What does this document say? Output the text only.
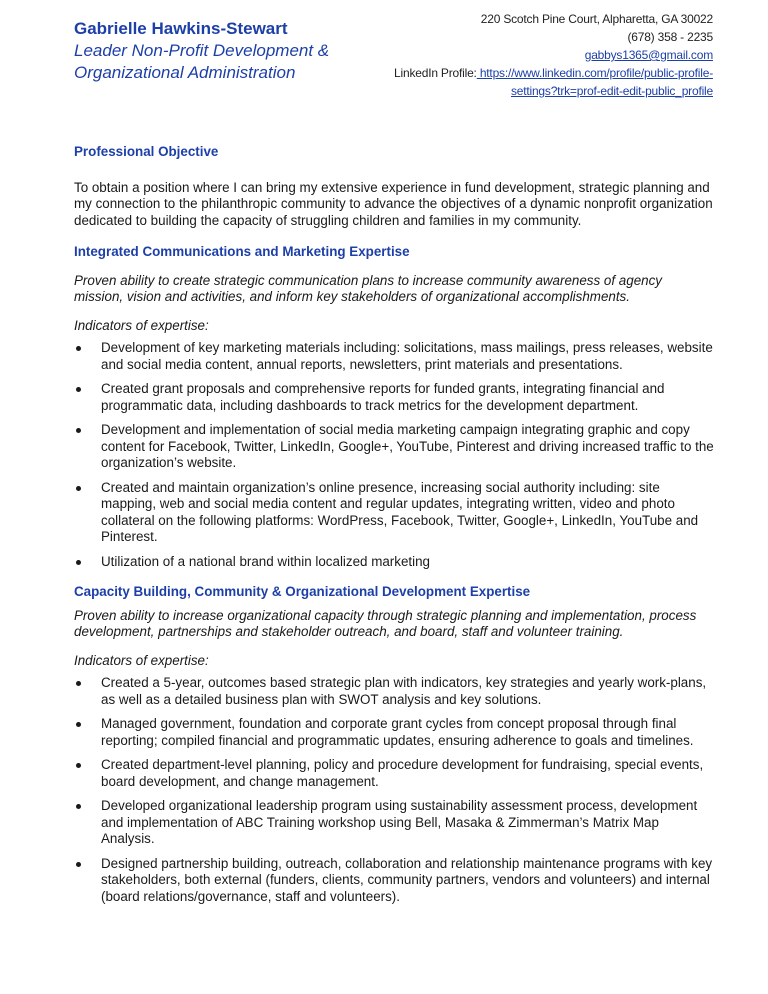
Gabrielle Hawkins-Stewart
Leader Non-Profit Development &
Organizational Administration
220 Scotch Pine Court, Alpharetta, GA 30022
(678) 358 - 2235
gabbys1365@gmail.com
LinkedIn Profile: https://www.linkedin.com/profile/public-profile-
settings?trk=prof-edit-edit-public_profile

Professional Objective

To obtain a position where I can bring my extensive experience in fund development, strategic planning and my connection to the philanthropic community to advance the objectives of a dynamic nonprofit organization dedicated to building the capacity of struggling children and families in my community.

Integrated Communications and Marketing Expertise

Proven ability to create strategic communication plans to increase community awareness of agency mission, vision and activities, and inform key stakeholders of organizational accomplishments.

Indicators of expertise:

Development of key marketing materials including: solicitations, mass mailings, press releases, website and social media content, annual reports, newsletters, print materials and presentations.
Created grant proposals and comprehensive reports for funded grants, integrating financial and programmatic data, including dashboards to track metrics for the development department.
Development and implementation of social media marketing campaign integrating graphic and copy content for Facebook, Twitter, LinkedIn, Google+, YouTube, Pinterest and driving increased traffic to the organization’s website.
Created and maintain organization’s online presence, increasing social authority including: site mapping, web and social media content and regular updates, integrating written, video and photo collateral on the following platforms: WordPress, Facebook, Twitter, Google+, LinkedIn, YouTube and Pinterest.
Utilization of a national brand within localized marketing

Capacity Building, Community & Organizational Development Expertise

Proven ability to increase organizational capacity through strategic planning and implementation, process development, partnerships and stakeholder outreach, and board, staff and volunteer training.

Indicators of expertise:

Created a 5-year, outcomes based strategic plan with indicators, key strategies and yearly work-plans, as well as a detailed business plan with SWOT analysis and key solutions.
Managed government, foundation and corporate grant cycles from concept proposal through final reporting; compiled financial and programmatic updates, ensuring adherence to goals and timelines.
Created department-level planning, policy and procedure development for fundraising, special events, board development, and change management.
Developed organizational leadership program using sustainability assessment process, development and implementation of ABC Training workshop using Bell, Masaka & Zimmerman’s Matrix Map Analysis.
Designed partnership building, outreach, collaboration and relationship maintenance programs with key stakeholders, both external (funders, clients, community partners, vendors and volunteers) and internal (board relations/governance, staff and volunteers).
